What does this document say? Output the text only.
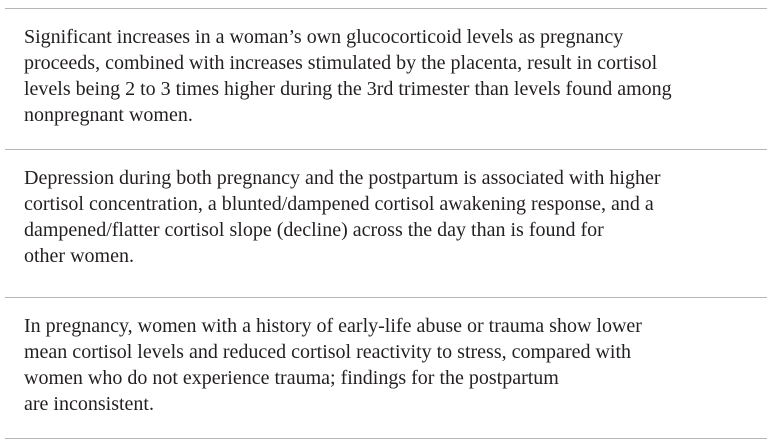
Significant increases in a woman’s own glucocorticoid levels as pregnancy
proceeds, combined with increases stimulated by the placenta, result in cortisol
levels being 2 to 3 times higher during the 3rd trimester than levels found among
nonpregnant women.

Depression during both pregnancy and the postpartum is associated with higher
cortisol concentration, a blunted/dampened cortisol awakening response, and a
dampened/flatter cortisol slope (decline) across the day than is found for
other women.

In pregnancy, women with a history of early-life abuse or trauma show lower
mean cortisol levels and reduced cortisol reactivity to stress, compared with
women who do not experience trauma; findings for the postpartum
are inconsistent.
